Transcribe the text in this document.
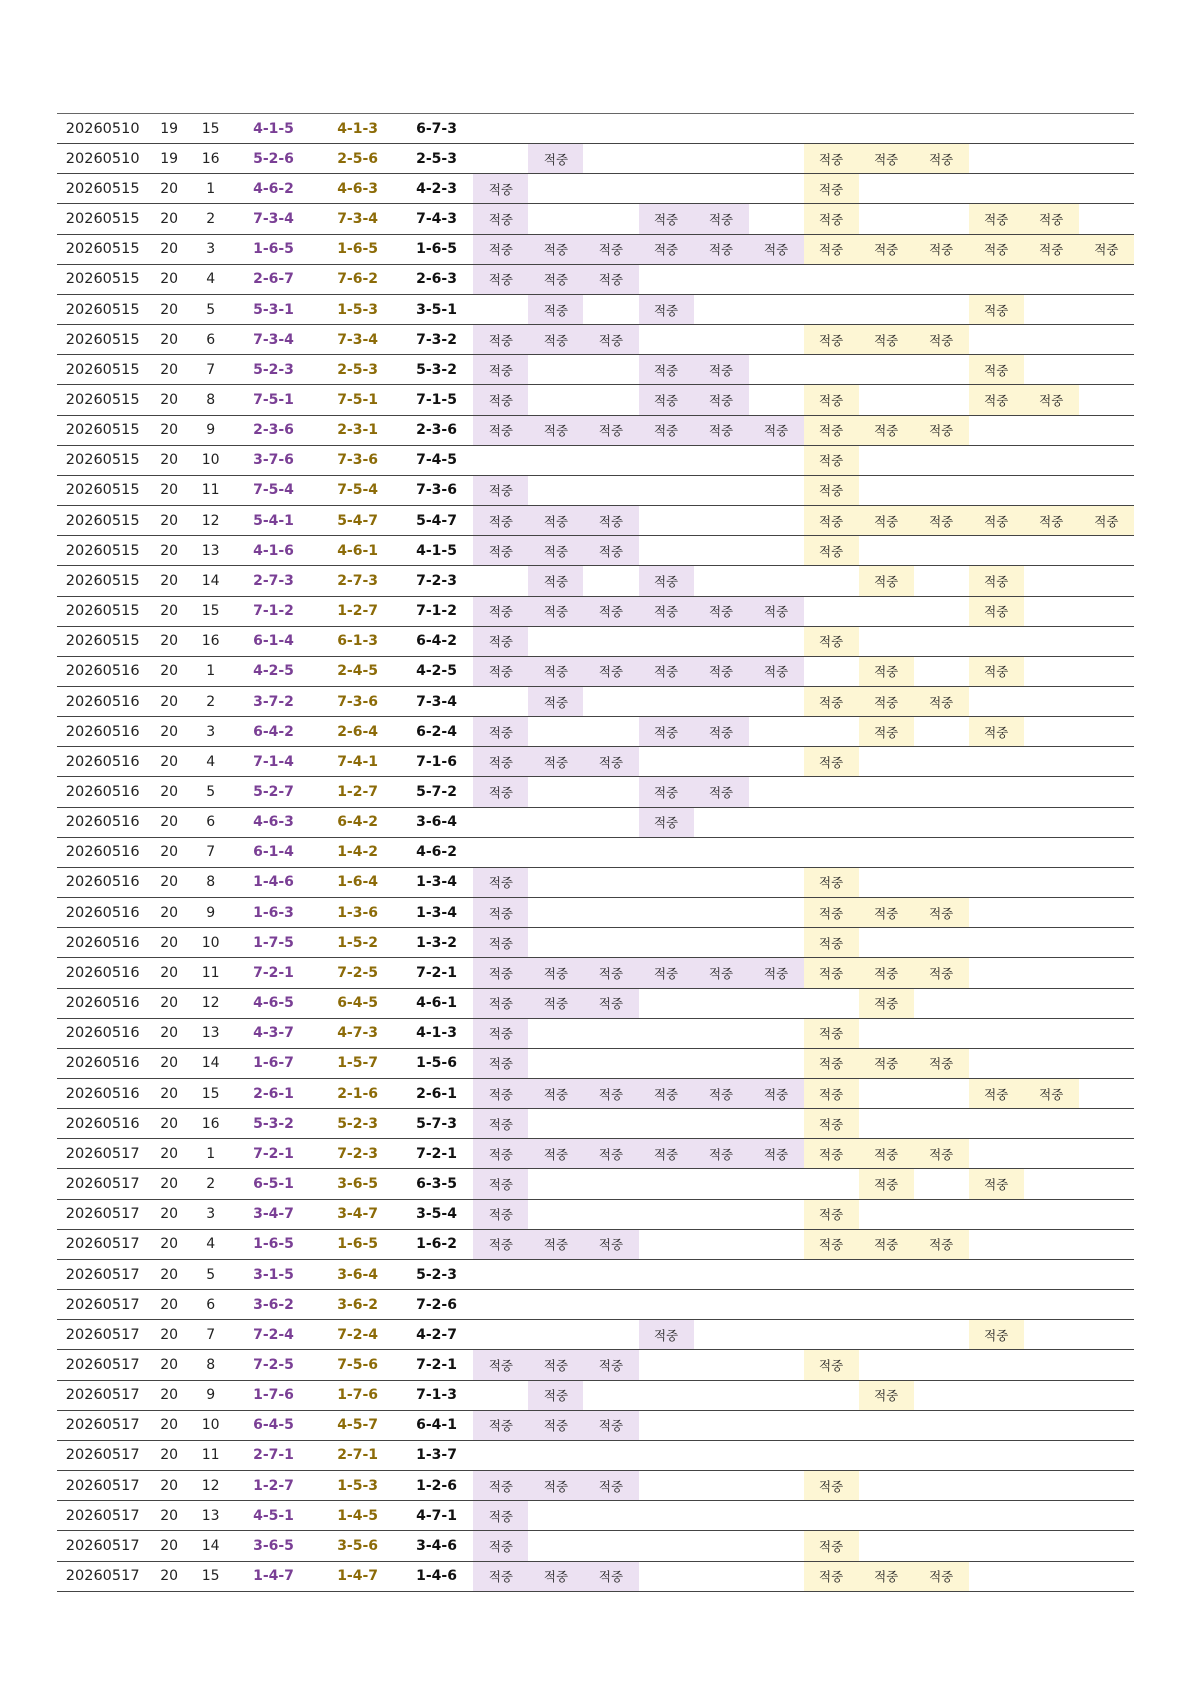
20260510	19	15	4-1-5	4-1-3	6-7-3												
20260510	19	16	5-2-6	2-5-6	2-5-3		적중					적중	적중	적중			
20260515	20	1	4-6-2	4-6-3	4-2-3	적중						적중					
20260515	20	2	7-3-4	7-3-4	7-4-3	적중			적중	적중		적중			적중	적중	
20260515	20	3	1-6-5	1-6-5	1-6-5	적중	적중	적중	적중	적중	적중	적중	적중	적중	적중	적중	적중
20260515	20	4	2-6-7	7-6-2	2-6-3	적중	적중	적중									
20260515	20	5	5-3-1	1-5-3	3-5-1		적중		적중						적중		
20260515	20	6	7-3-4	7-3-4	7-3-2	적중	적중	적중				적중	적중	적중			
20260515	20	7	5-2-3	2-5-3	5-3-2	적중			적중	적중					적중		
20260515	20	8	7-5-1	7-5-1	7-1-5	적중			적중	적중		적중			적중	적중	
20260515	20	9	2-3-6	2-3-1	2-3-6	적중	적중	적중	적중	적중	적중	적중	적중	적중			
20260515	20	10	3-7-6	7-3-6	7-4-5							적중					
20260515	20	11	7-5-4	7-5-4	7-3-6	적중						적중					
20260515	20	12	5-4-1	5-4-7	5-4-7	적중	적중	적중				적중	적중	적중	적중	적중	적중
20260515	20	13	4-1-6	4-6-1	4-1-5	적중	적중	적중				적중					
20260515	20	14	2-7-3	2-7-3	7-2-3		적중		적중				적중		적중		
20260515	20	15	7-1-2	1-2-7	7-1-2	적중	적중	적중	적중	적중	적중				적중		
20260515	20	16	6-1-4	6-1-3	6-4-2	적중						적중					
20260516	20	1	4-2-5	2-4-5	4-2-5	적중	적중	적중	적중	적중	적중		적중		적중		
20260516	20	2	3-7-2	7-3-6	7-3-4		적중					적중	적중	적중			
20260516	20	3	6-4-2	2-6-4	6-2-4	적중			적중	적중			적중		적중		
20260516	20	4	7-1-4	7-4-1	7-1-6	적중	적중	적중				적중					
20260516	20	5	5-2-7	1-2-7	5-7-2	적중			적중	적중							
20260516	20	6	4-6-3	6-4-2	3-6-4				적중								
20260516	20	7	6-1-4	1-4-2	4-6-2												
20260516	20	8	1-4-6	1-6-4	1-3-4	적중						적중					
20260516	20	9	1-6-3	1-3-6	1-3-4	적중						적중	적중	적중			
20260516	20	10	1-7-5	1-5-2	1-3-2	적중						적중					
20260516	20	11	7-2-1	7-2-5	7-2-1	적중	적중	적중	적중	적중	적중	적중	적중	적중			
20260516	20	12	4-6-5	6-4-5	4-6-1	적중	적중	적중					적중				
20260516	20	13	4-3-7	4-7-3	4-1-3	적중						적중					
20260516	20	14	1-6-7	1-5-7	1-5-6	적중						적중	적중	적중			
20260516	20	15	2-6-1	2-1-6	2-6-1	적중	적중	적중	적중	적중	적중	적중			적중	적중	
20260516	20	16	5-3-2	5-2-3	5-7-3	적중						적중					
20260517	20	1	7-2-1	7-2-3	7-2-1	적중	적중	적중	적중	적중	적중	적중	적중	적중			
20260517	20	2	6-5-1	3-6-5	6-3-5	적중							적중		적중		
20260517	20	3	3-4-7	3-4-7	3-5-4	적중						적중					
20260517	20	4	1-6-5	1-6-5	1-6-2	적중	적중	적중				적중	적중	적중			
20260517	20	5	3-1-5	3-6-4	5-2-3												
20260517	20	6	3-6-2	3-6-2	7-2-6												
20260517	20	7	7-2-4	7-2-4	4-2-7				적중						적중		
20260517	20	8	7-2-5	7-5-6	7-2-1	적중	적중	적중				적중					
20260517	20	9	1-7-6	1-7-6	7-1-3		적중						적중				
20260517	20	10	6-4-5	4-5-7	6-4-1	적중	적중	적중									
20260517	20	11	2-7-1	2-7-1	1-3-7												
20260517	20	12	1-2-7	1-5-3	1-2-6	적중	적중	적중				적중					
20260517	20	13	4-5-1	1-4-5	4-7-1	적중											
20260517	20	14	3-6-5	3-5-6	3-4-6	적중						적중					
20260517	20	15	1-4-7	1-4-7	1-4-6	적중	적중	적중				적중	적중	적중			
